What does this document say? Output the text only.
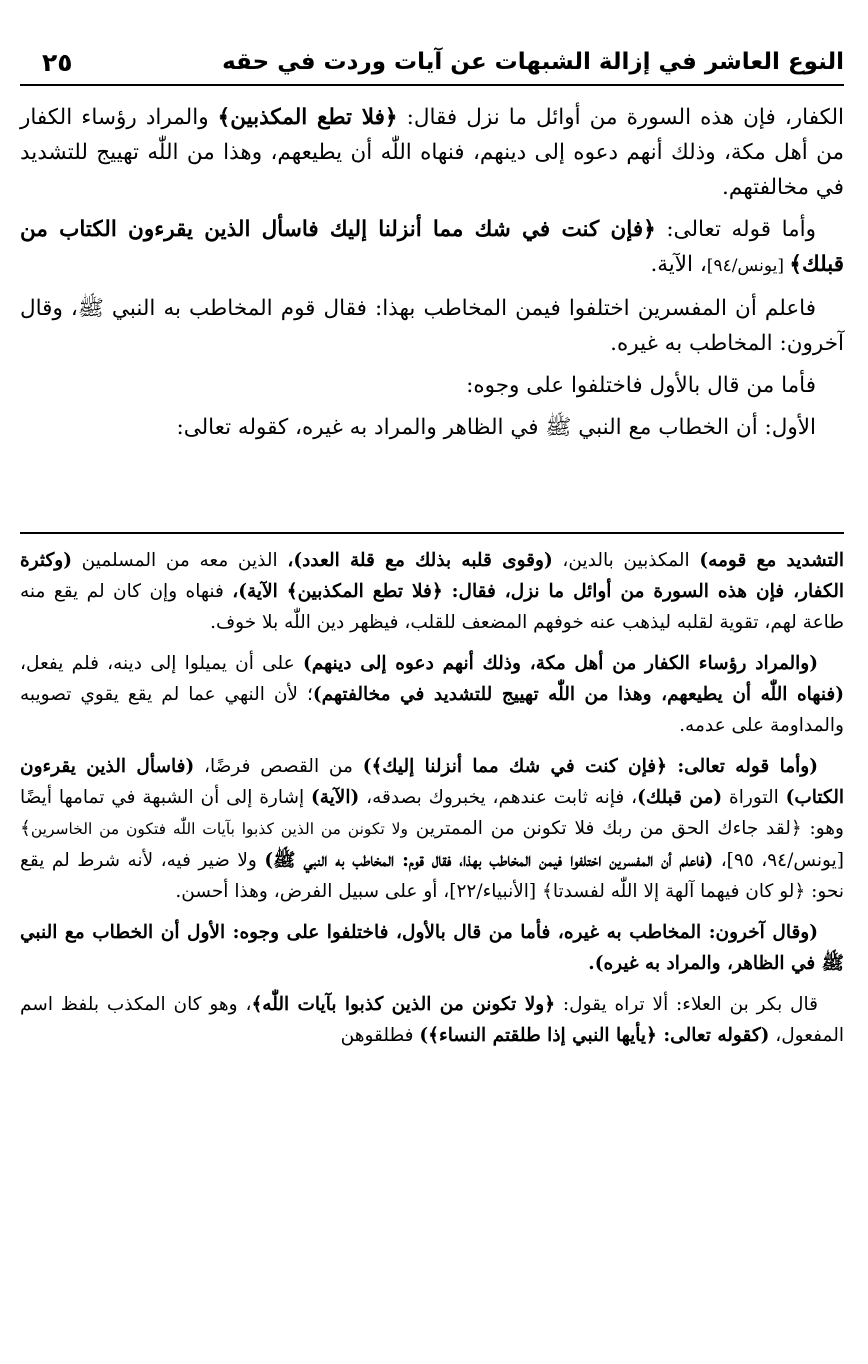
النوع العاشر في إزالة الشبهات عن آيات وردت في حقه
٢٥

الكفار، فإن هذه السورة من أوائل ما نزل فقال: ﴿فلا تطع المكذبين﴾ والمراد رؤساء الكفار من أهل مكة، وذلك أنهم دعوه إلى دينهم، فنهاه اللّٰه أن يطيعهم، وهذا من اللّٰه تهييج للتشديد في مخالفتهم.

وأما قوله تعالى: ﴿فإن كنت في شك مما أنزلنا إليك فاسأل الذين يقرءون الكتاب من قبلك﴾ [يونس/٩٤]، الآية.

فاعلم أن المفسرين اختلفوا فيمن المخاطب بهذا: فقال قوم المخاطب به النبي ﷺ، وقال آخرون: المخاطب به غيره.

فأما من قال بالأول فاختلفوا على وجوه:

الأول: أن الخطاب مع النبي ﷺ في الظاهر والمراد به غيره، كقوله تعالى:

التشديد مع قومه) المكذبين بالدين، (وقوى قلبه بذلك مع قلة العدد)، الذين معه من المسلمين (وكثرة الكفار، فإن هذه السورة من أوائل ما نزل، فقال: ﴿فلا تطع المكذبين﴾ الآية)، فنهاه وإن كان لم يقع منه طاعة لهم، تقوية لقلبه ليذهب عنه خوفهم المضعف للقلب، فيظهر دين اللّٰه بلا خوف.

(والمراد رؤساء الكفار من أهل مكة، وذلك أنهم دعوه إلى دينهم) على أن يميلوا إلى دينه، فلم يفعل، (فنهاه اللّٰه أن يطيعهم، وهذا من اللّٰه تهييج للتشديد في مخالفتهم)؛ لأن النهي عما لم يقع يقوي تصويبه والمداومة على عدمه.

(وأما قوله تعالى: ﴿فإن كنت في شك مما أنزلنا إليك﴾) من القصص فرضًا، (فاسأل الذين يقرءون الكتاب) التوراة (من قبلك)، فإنه ثابت عندهم، يخبروك بصدقه، (الآية) إشارة إلى أن الشبهة في تمامها أيضًا وهو: ﴿لقد جاءك الحق من ربك فلا تكونن من الممترين ولا تكونن من الذين كذبوا بآيات اللّٰه فتكون من الخاسرين﴾ [يونس/٩٤، ٩٥]، (فاعلم أن المفسرين اختلفوا فيمن المخاطب بهذا، فقال قوم: المخاطب به النبي ﷺ) ولا ضير فيه، لأنه شرط لم يقع نحو: ﴿لو كان فيهما آلهة إلا اللّٰه لفسدتا﴾ [الأنبياء/٢٢]، أو على سبيل الفرض، وهذا أحسن.

(وقال آخرون: المخاطب به غيره، فأما من قال بالأول، فاختلفوا على وجوه: الأول أن الخطاب مع النبي ﷺ في الظاهر، والمراد به غيره).

قال بكر بن العلاء: ألا تراه يقول: ﴿ولا تكونن من الذين كذبوا بآيات اللّٰه﴾، وهو كان المكذب بلفظ اسم المفعول، (كقوله تعالى: ﴿يأيها النبي إذا طلقتم النساء﴾) فطلقوهن
